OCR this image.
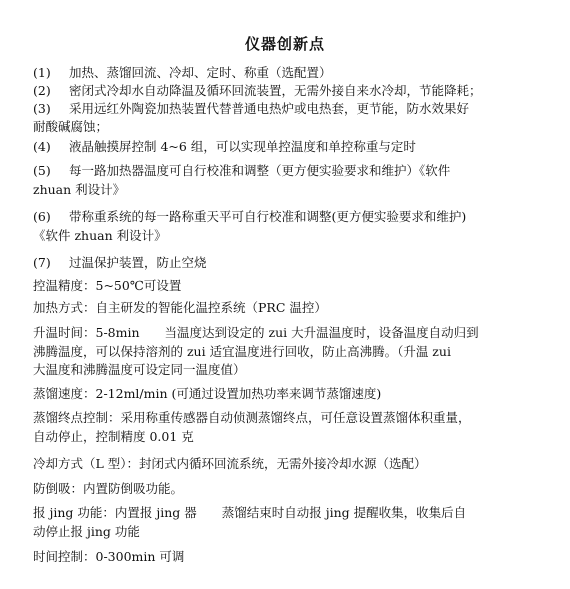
仪器创新点
(1) 加热、蒸馏回流、冷却、定时、称重（选配置）
(2) 密闭式冷却水自动降温及循环回流装置，无需外接自来水冷却，节能降耗；
(3) 采用远红外陶瓷加热装置代替普通电热炉或电热套，更节能，防水效果好
耐酸碱腐蚀；
(4) 液晶触摸屏控制 4~6 组，可以实现单控温度和单控称重与定时
(5) 每一路加热器温度可自行校准和调整（更方便实验要求和维护）《软件
zhuan 利设计》
(6) 带称重系统的每一路称重天平可自行校准和调整(更方便实验要求和维护)
《软件 zhuan 利设计》
(7) 过温保护装置，防止空烧
控温精度：5~50℃可设置
加热方式：自主研发的智能化温控系统（PRC 温控）
升温时间：5-8min　　当温度达到设定的 zui 大升温温度时，设备温度自动归到
沸腾温度，可以保持溶剂的 zui 适宜温度进行回收，防止高沸腾。（升温 zui
大温度和沸腾温度可设定同一温度值）
蒸馏速度：2-12ml/min (可通过设置加热功率来调节蒸馏速度)
蒸馏终点控制：采用称重传感器自动侦测蒸馏终点，可任意设置蒸馏体积重量，
自动停止，控制精度 0.01 克
冷却方式（L 型）：封闭式内循环回流系统，无需外接冷却水源（选配）
防倒吸：内置防倒吸功能。
报 jing 功能：内置报 jing 器　　蒸馏结束时自动报 jing 提醒收集，收集后自
动停止报 jing 功能
时间控制：0-300min 可调
